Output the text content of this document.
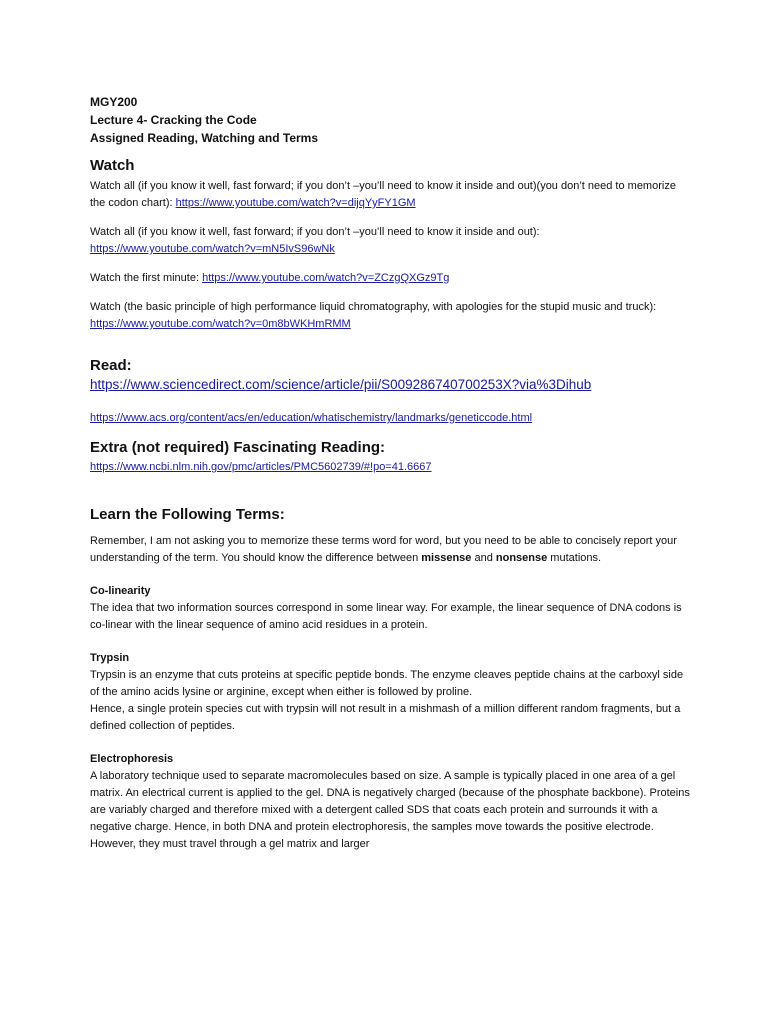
MGY200

Lecture 4- Cracking the Code

Assigned Reading, Watching and Terms

Watch

Watch all (if you know it well, fast forward; if you don’t –you’ll need to know it inside and out)(you don’t need to memorize the codon chart): https://www.youtube.com/watch?v=dijqYyFY1GM

Watch all (if you know it well, fast forward; if you don’t –you’ll need to know it inside and out):
https://www.youtube.com/watch?v=mN5IvS96wNk

Watch the first minute: https://www.youtube.com/watch?v=ZCzgQXGz9Tg

Watch (the basic principle of high performance liquid chromatography, with apologies for the stupid music and truck): https://www.youtube.com/watch?v=0m8bWKHmRMM

Read:

https://www.sciencedirect.com/science/article/pii/S009286740700253X?via%3Dihub

https://www.acs.org/content/acs/en/education/whatischemistry/landmarks/geneticcode.html

Extra (not required) Fascinating Reading:

https://www.ncbi.nlm.nih.gov/pmc/articles/PMC5602739/#!po=41.6667

Learn the Following Terms:

Remember, I am not asking you to memorize these terms word for word, but you need to be able to concisely report your understanding of the term. You should know the difference between missense and nonsense mutations.

Co-linearity

The idea that two information sources correspond in some linear way. For example, the linear sequence of DNA codons is co-linear with the linear sequence of amino acid residues in a protein.

Trypsin

Trypsin is an enzyme that cuts proteins at specific peptide bonds. The enzyme cleaves peptide chains at the carboxyl side of the amino acids lysine or arginine, except when either is followed by proline.

Hence, a single protein species cut with trypsin will not result in a mishmash of a million different random fragments, but a defined collection of peptides.

Electrophoresis

A laboratory technique used to separate macromolecules based on size. A sample is typically placed in one area of a gel matrix. An electrical current is applied to the gel. DNA is negatively charged (because of the phosphate backbone). Proteins are variably charged and therefore mixed with a detergent called SDS that coats each protein and surrounds it with a negative charge. Hence, in both DNA and protein electrophoresis, the samples move towards the positive electrode. However, they must travel through a gel matrix and larger
